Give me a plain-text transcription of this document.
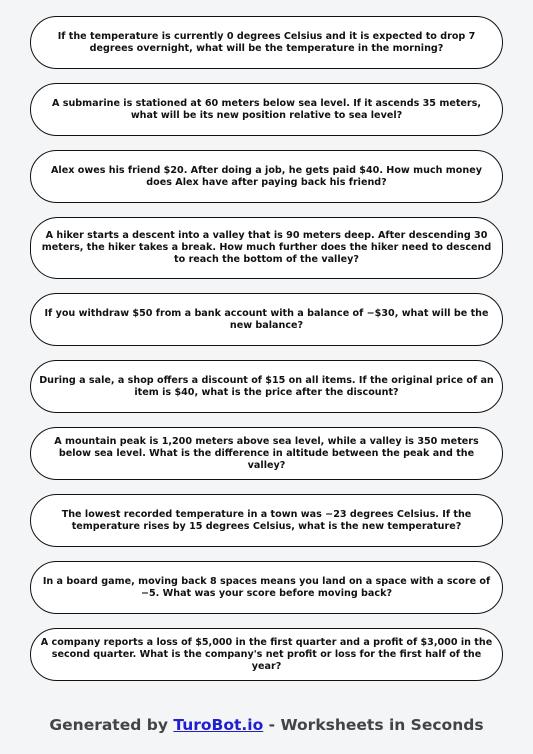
If the temperature is currently 0 degrees Celsius and it is expected to drop 7 degrees overnight, what will be the temperature in the morning?
A submarine is stationed at 60 meters below sea level. If it ascends 35 meters, what will be its new position relative to sea level?
Alex owes his friend $20. After doing a job, he gets paid $40. How much money does Alex have after paying back his friend?
A hiker starts a descent into a valley that is 90 meters deep. After descending 30 meters, the hiker takes a break. How much further does the hiker need to descend to reach the bottom of the valley?
If you withdraw $50 from a bank account with a balance of −$30, what will be the new balance?
During a sale, a shop offers a discount of $15 on all items. If the original price of an item is $40, what is the price after the discount?
A mountain peak is 1,200 meters above sea level, while a valley is 350 meters below sea level. What is the difference in altitude between the peak and the valley?
The lowest recorded temperature in a town was −23 degrees Celsius. If the temperature rises by 15 degrees Celsius, what is the new temperature?
In a board game, moving back 8 spaces means you land on a space with a score of −5. What was your score before moving back?
A company reports a loss of $5,000 in the first quarter and a profit of $3,000 in the second quarter. What is the company's net profit or loss for the first half of the year?
Generated by TuroBot.io - Worksheets in Seconds
